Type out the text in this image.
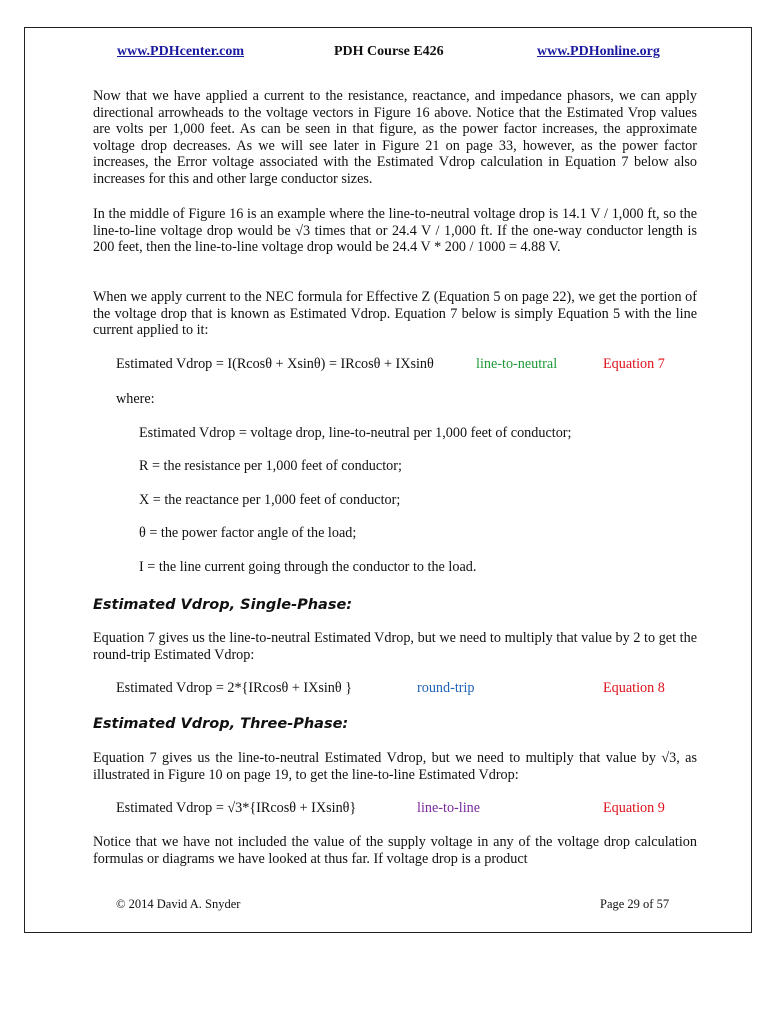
www.PDHcenter.com	PDH Course E426	www.PDHonline.org

Now that we have applied a current to the resistance, reactance, and impedance phasors, we can apply directional arrowheads to the voltage vectors in Figure 16 above. Notice that the Estimated Vrop values are volts per 1,000 feet. As can be seen in that figure, as the power factor increases, the approximate voltage drop decreases. As we will see later in Figure 21 on page 33, however, as the power factor increases, the Error voltage associated with the Estimated Vdrop calculation in Equation 7 below also increases for this and other large conductor sizes.

In the middle of Figure 16 is an example where the line-to-neutral voltage drop is 14.1 V / 1,000 ft, so the line-to-line voltage drop would be √3 times that or 24.4 V / 1,000 ft. If the one-way conductor length is 200 feet, then the line-to-line voltage drop would be 24.4 V * 200 / 1000 = 4.88 V.

When we apply current to the NEC formula for Effective Z (Equation 5 on page 22), we get the portion of the voltage drop that is known as Estimated Vdrop. Equation 7 below is simply Equation 5 with the line current applied to it:

Estimated Vdrop = I(Rcosθ + Xsinθ) = IRcosθ + IXsinθ	line-to-neutral	Equation 7
where:
Estimated Vdrop = voltage drop, line-to-neutral per 1,000 feet of conductor;
R = the resistance per 1,000 feet of conductor;
X = the reactance per 1,000 feet of conductor;
θ = the power factor angle of the load;
I = the line current going through the conductor to the load.
Estimated Vdrop, Single-Phase:

Equation 7 gives us the line-to-neutral Estimated Vdrop, but we need to multiply that value by 2 to get the round-trip Estimated Vdrop:

Estimated Vdrop = 2*{IRcosθ + IXsinθ }	round-trip	Equation 8
Estimated Vdrop, Three-Phase:

Equation 7 gives us the line-to-neutral Estimated Vdrop, but we need to multiply that value by √3, as illustrated in Figure 10 on page 19, to get the line-to-line Estimated Vdrop:

Estimated Vdrop = √3*{IRcosθ + IXsinθ}	line-to-line	Equation 9

Notice that we have not included the value of the supply voltage in any of the voltage drop calculation formulas or diagrams we have looked at thus far. If voltage drop is a product

© 2014 David A. Snyder	Page 29 of 57
